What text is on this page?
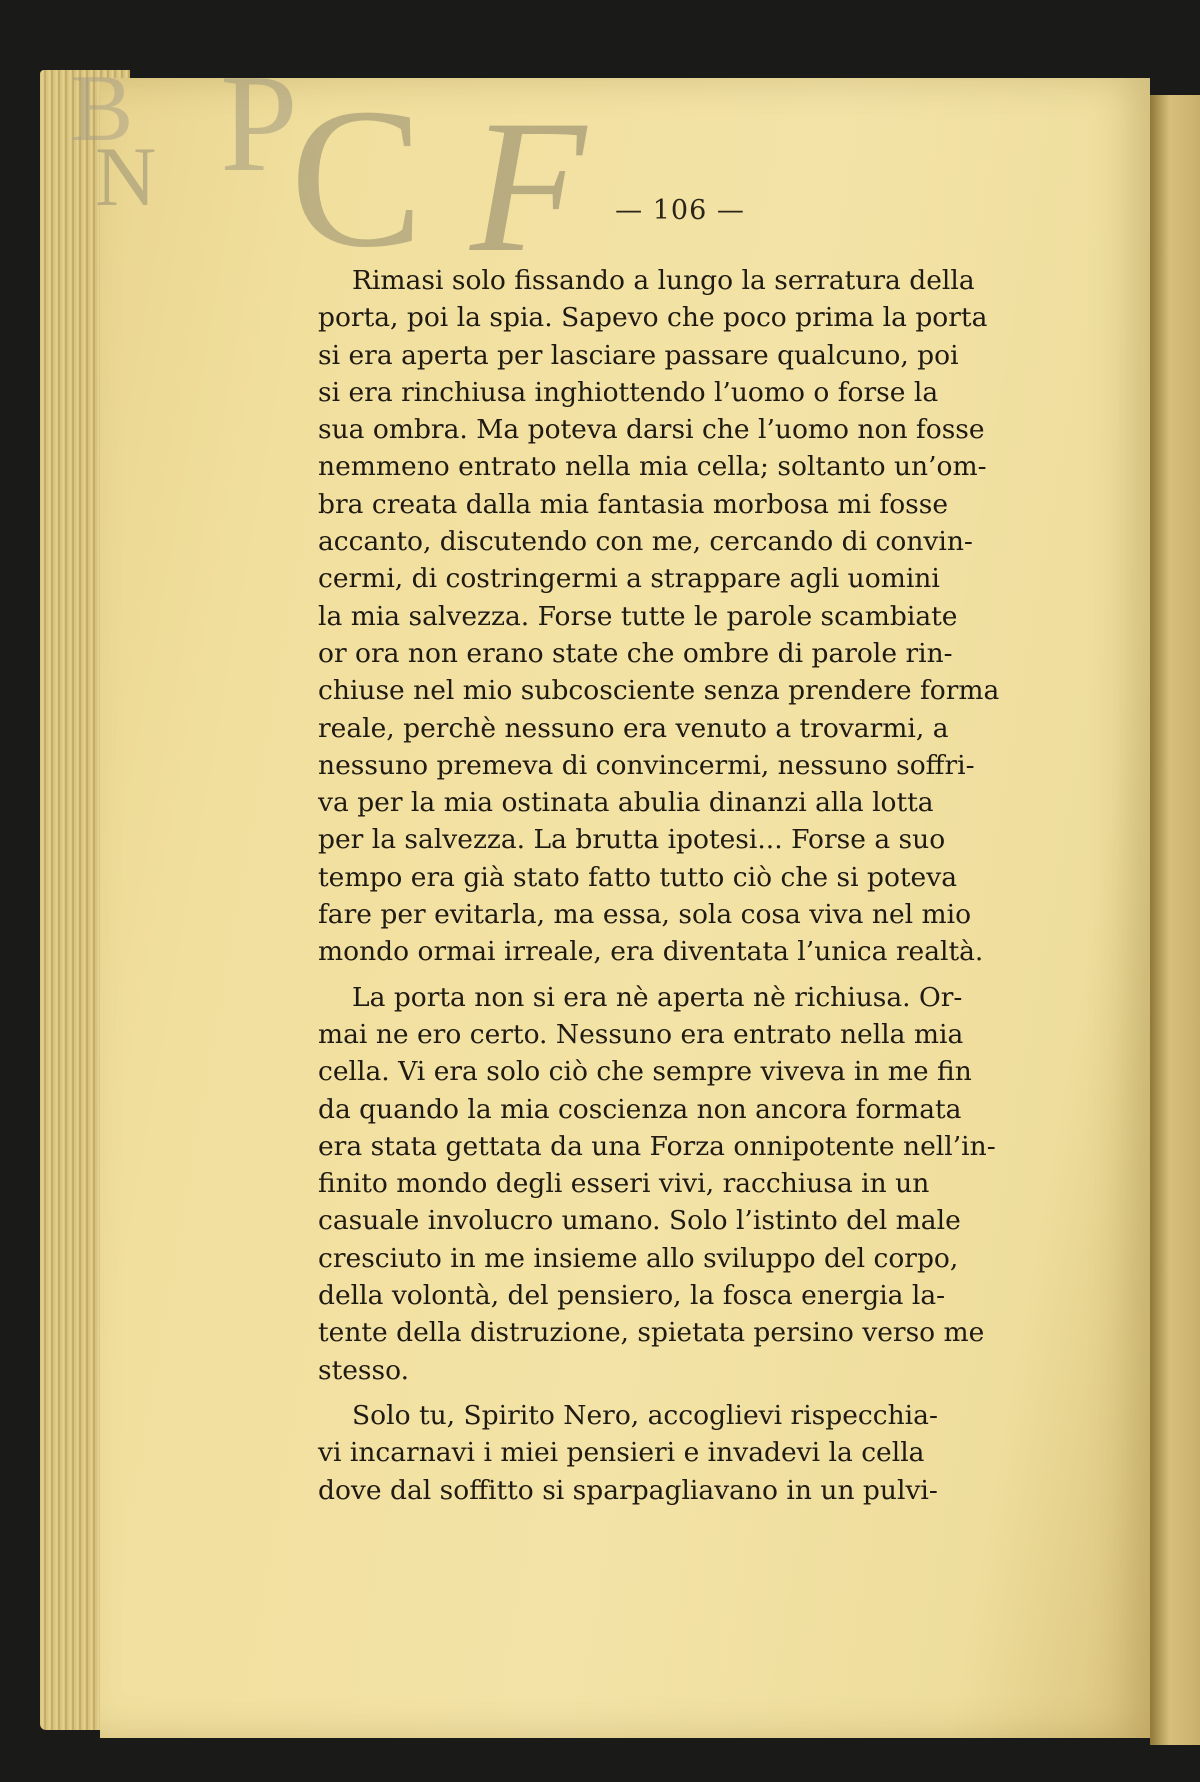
B
N P
C F	— 106 —
Rimasi solo fissando a lungo la serratura della
porta, poi la spia. Sapevo che poco prima la porta
si era aperta per lasciare passare qualcuno, poi
si era rinchiusa inghiottendo l’uomo o forse la
sua ombra. Ma poteva darsi che l’uomo non fosse
nemmeno entrato nella mia cella; soltanto un’om-
bra creata dalla mia fantasia morbosa mi fosse
accanto, discutendo con me, cercando di convin-
cermi, di costringermi a strappare agli uomini
la mia salvezza. Forse tutte le parole scambiate
or ora non erano state che ombre di parole rin-
chiuse nel mio subcosciente senza prendere forma
reale, perchè nessuno era venuto a trovarmi, a
nessuno premeva di convincermi, nessuno soffri-
va per la mia ostinata abulia dinanzi alla lotta
per la salvezza. La brutta ipotesi... Forse a suo
tempo era già stato fatto tutto ciò che si poteva
fare per evitarla, ma essa, sola cosa viva nel mio
mondo ormai irreale, era diventata l’unica realtà.
La porta non si era nè aperta nè richiusa. Or-
mai ne ero certo. Nessuno era entrato nella mia
cella. Vi era solo ciò che sempre viveva in me fin
da quando la mia coscienza non ancora formata
era stata gettata da una Forza onnipotente nell’in-
finito mondo degli esseri vivi, racchiusa in un
casuale involucro umano. Solo l’istinto del male
cresciuto in me insieme allo sviluppo del corpo,
della volontà, del pensiero, la fosca energia la-
tente della distruzione, spietata persino verso me
stesso.
Solo tu, Spirito Nero, accoglievi rispecchia-
vi incarnavi i miei pensieri e invadevi la cella
dove dal soffitto si sparpagliavano in un pulvi-
